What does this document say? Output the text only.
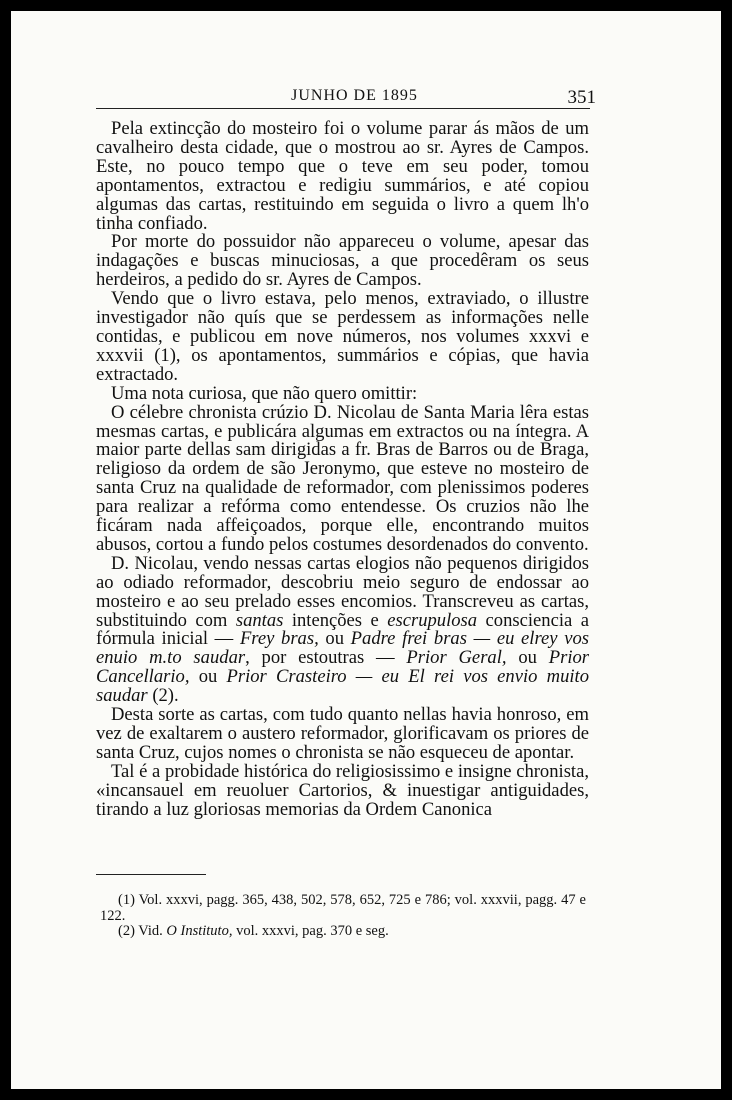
JUNHO DE 1895	351

Pela extincção do mosteiro foi o volume parar ás mãos de um cavalheiro desta cidade, que o mostrou ao sr. Ayres de Campos. Este, no pouco tempo que o teve em seu poder, tomou apontamentos, extractou e redigiu summários, e até copiou algumas das cartas, restituindo em seguida o livro a quem lh'o tinha confiado.

Por morte do possuidor não appareceu o volume, apesar das indagações e buscas minuciosas, a que procedêram os seus herdeiros, a pedido do sr. Ayres de Campos.

Vendo que o livro estava, pelo menos, extraviado, o illustre investigador não quís que se perdessem as informações nelle contidas, e publicou em nove números, nos volumes xxxvi e xxxvii (1), os apontamentos, summários e cópias, que havia extractado.

Uma nota curiosa, que não quero omittir:

O célebre chronista crúzio D. Nicolau de Santa Maria lêra estas mesmas cartas, e publicára algumas em extractos ou na íntegra. A maior parte dellas sam dirigidas a fr. Bras de Barros ou de Braga, religioso da ordem de são Jeronymo, que esteve no mosteiro de santa Cruz na qualidade de reformador, com plenissimos poderes para realizar a refórma como entendesse. Os cruzios não lhe ficáram nada affeiçoados, porque elle, encontrando muitos abusos, cortou a fundo pelos costumes desordenados do convento.

D. Nicolau, vendo nessas cartas elogios não pequenos dirigidos ao odiado reformador, descobriu meio seguro de endossar ao mosteiro e ao seu prelado esses encomios. Transcreveu as cartas, substituindo com santas intenções e escrupulosa consciencia a fórmula inicial — Frey bras, ou Padre frei bras — eu elrey vos enuio m.to saudar, por estoutras — Prior Geral, ou Prior Cancellario, ou Prior Crasteiro — eu El rei vos envio muito saudar (2).

Desta sorte as cartas, com tudo quanto nellas havia honroso, em vez de exaltarem o austero reformador, glorificavam os priores de santa Cruz, cujos nomes o chronista se não esqueceu de apontar.

Tal é a probidade histórica do religiosissimo e insigne chronista, «incansauel em reuoluer Cartorios, & inuestigar antiguidades, tirando a luz gloriosas memorias da Ordem Canonica

(1) Vol. xxxvi, pagg. 365, 438, 502, 578, 652, 725 e 786; vol. xxxvii, pagg. 47 e 122.

(2) Vid. O Instituto, vol. xxxvi, pag. 370 e seg.
